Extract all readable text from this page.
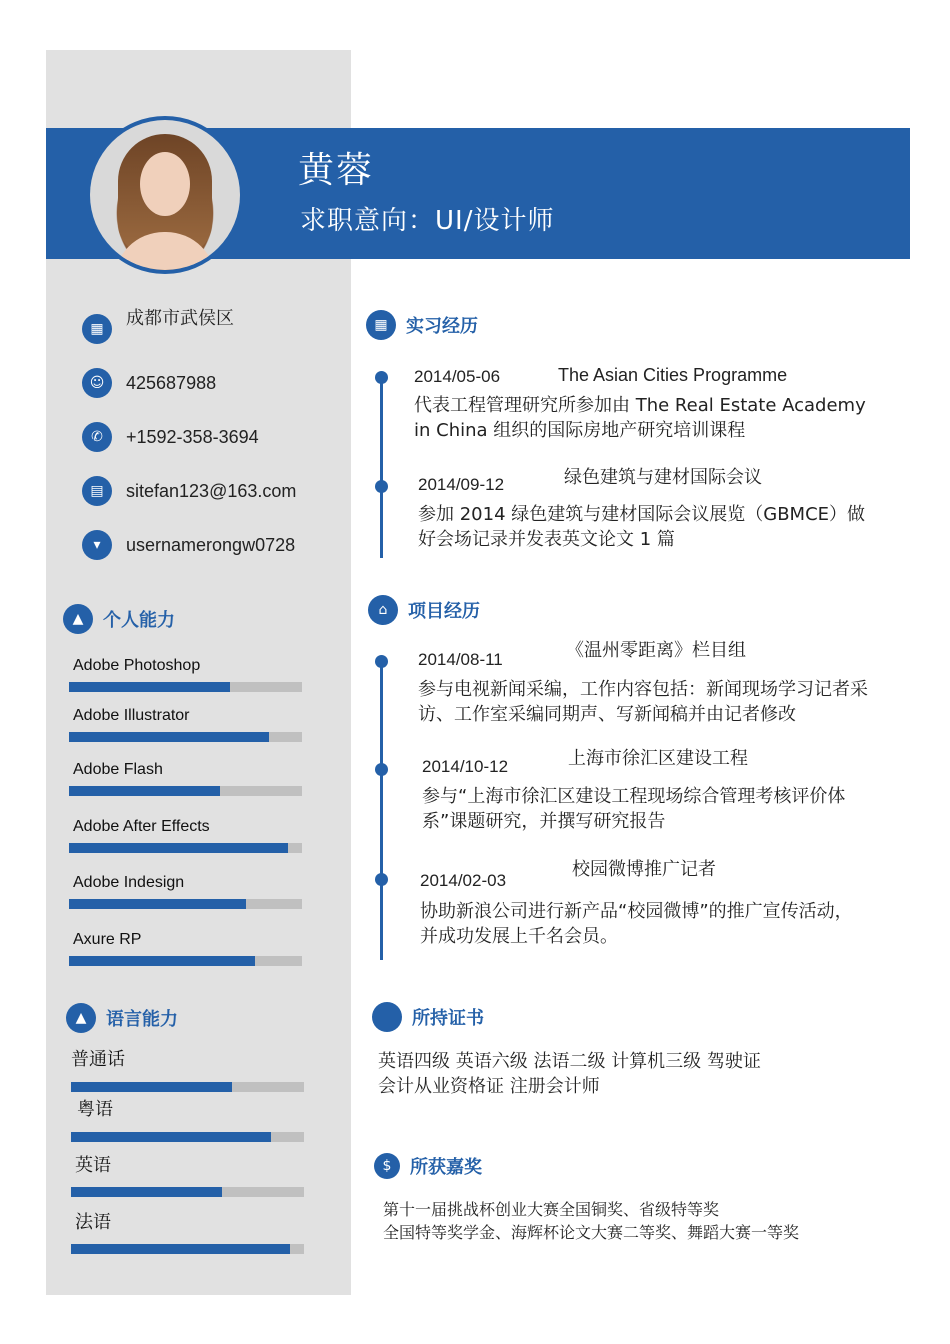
黄蓉
求职意向：UI/设计师
▦
成都市武侯区
☺	425687988
✆	+1592-358-3694
▤	sitefan123@163.com
▾	usernamerongw0728
▲	个人能力
Adobe Photoshop
Adobe Illustrator
Adobe Flash
Adobe After Effects
Adobe Indesign
Axure RP
▲	语言能力
普通话
粤语
英语
法语
▦	实习经历
2014/05-06	The Asian Cities Programme
代表工程管理研究所参加由 The Real Estate Academy in China 组织的国际房地产研究培训课程
2014/09-12	绿色建筑与建材国际会议
参加 2014 绿色建筑与建材国际会议展览（GBMCE）做好会场记录并发表英文论文 1 篇
⌂	项目经历
2014/08-11	《温州零距离》栏目组
参与电视新闻采编，工作内容包括：新闻现场学习记者采访、工作室采编同期声、写新闻稿并由记者修改
2014/10-12	上海市徐汇区建设工程
参与“上海市徐汇区建设工程现场综合管理考核评价体系”课题研究，并撰写研究报告
2014/02-03
校园微博推广记者
协助新浪公司进行新产品“校园微博”的推广宣传活动，并成功发展上千名会员。
所持证书
英语四级 英语六级 法语二级 计算机三级 驾驶证
会计从业资格证 注册会计师
$	所获嘉奖
第十一届挑战杯创业大赛全国铜奖、省级特等奖
全国特等奖学金、海辉杯论文大赛二等奖、舞蹈大赛一等奖
